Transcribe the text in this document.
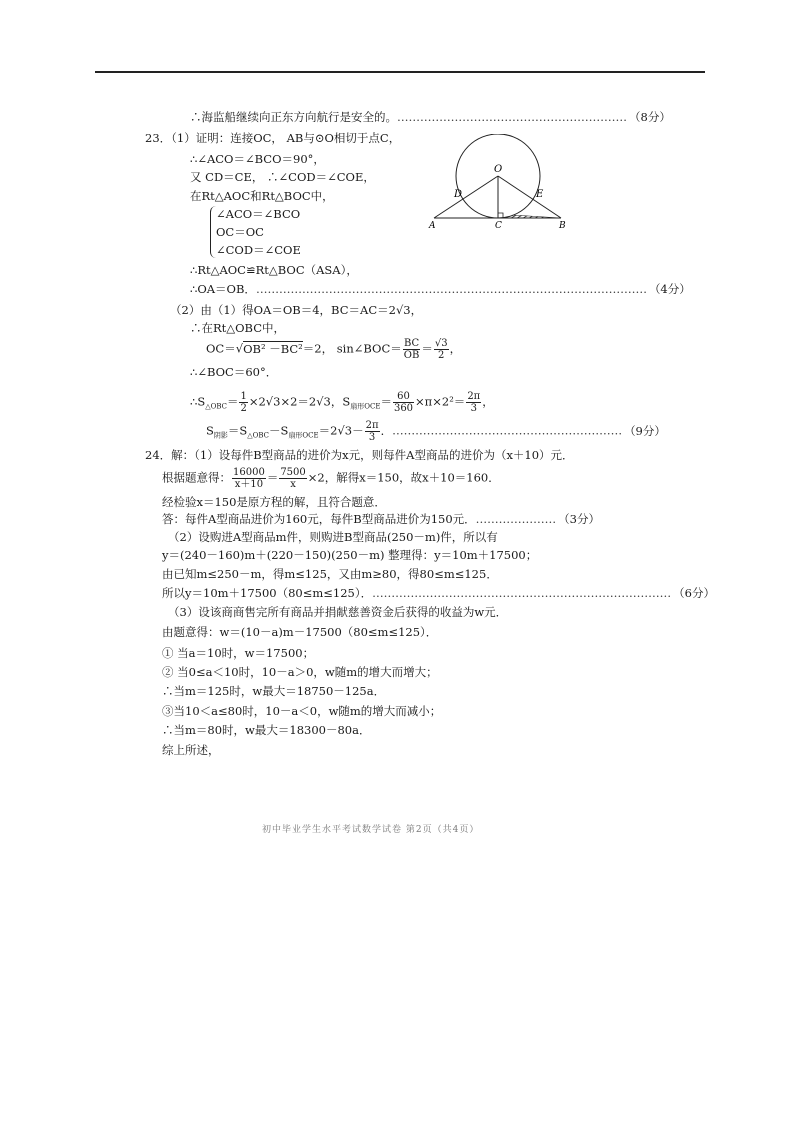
∴海监船继续向正东方向航行是安全的。…………………………………………………… （8分）
23．（1）证明：连接OC， AB与⊙O相切于点C，
∴∠ACO＝∠BCO＝90°，
又 CD＝CE， ∴∠COD＝∠COE，
在Rt△AOC和Rt△BOC中，
∠ACO＝∠BCO
OC＝OC
∠COD＝∠COE
∴Rt△AOC≌Rt△BOC（ASA），
∴OA＝OB．………………………………………………………………………………………… （4分）
（2）由（1）得OA＝OB＝4，BC＝AC＝2√3，
∴在Rt△OBC中，
24．解：（1）设每件B型商品的进价为x元，则每件A型商品的进价为（x＋10）元．
经检验x＝150是原方程的解，且符合题意．
答：每件A型商品进价为160元，每件B型商品进价为150元．………………… （3分）
（2）设购进A型商品m件，则购进B型商品(250－m)件，所以有
y＝(240－160)m＋(220－150)(250－m) 整理得：y＝10m＋17500；
由已知m≤250－m，得m≤125，又由m≥80，得80≤m≤125．
所以y＝10m＋17500（80≤m≤125）．…………………………………………………………………… （6分）
（3）设该商商售完所有商品并捐献慈善资金后获得的收益为w元．
由题意得：w＝(10－a)m－17500（80≤m≤125）．
① 当a＝10时，w＝17500；
② 当0≤a＜10时，10－a＞0，w随m的增大而增大；
∴当m＝125时，w最大＝18750－125a．
③当10＜a≤80时，10－a＜0，w随m的增大而减小；
∴当m＝80时，w最大＝18300－80a．
综上所述，
OC＝√OB² －BC²＝2， sin∠BOC＝ $\frac{BC}{OB} = \frac{√3}{2}$ ，
∴∠BOC＝60°．
$\therefore S_{\triangle OBC}= \frac{1}{2} \times 2√3\times 2=2√3$，$S_{扇形OCE}= \frac{60}{360} \times\pi\times 2^2= \frac{2\pi}{3}$ ，
$S_{阴影}=S_{\triangle OBC}-S_{扇形OCE}=2√3- \frac{2\pi}{3}$ ．…………………………………………………… （9分）
根据题意得： $\frac{16000}{x+10} = \frac{7500}{x} \times 2$，解得x＝150，故x＋10＝160．
O
D	E
A	C	B
初中毕业学生水平考试数学试卷 第2页（共4页）
